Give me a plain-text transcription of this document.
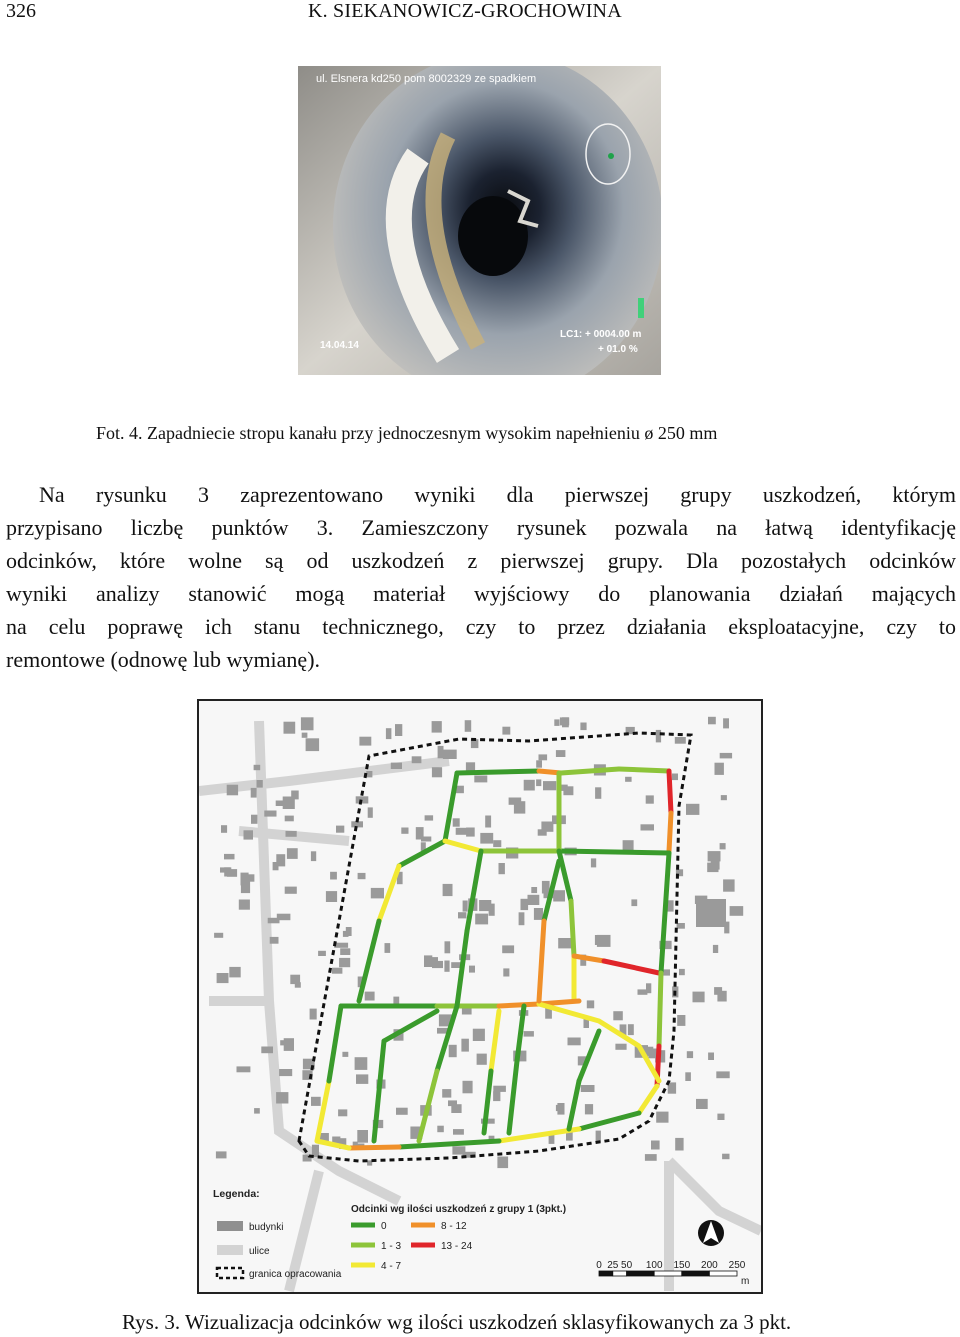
326	K. SIEKANOWICZ-GROCHOWINA
ul. Elsnera kd250 pom 8002329 ze spadkiem
14.04.14
LC1: + 0004.00 m
+ 01.0 %
Fot. 4. Zapadniecie stropu kanału przy jednoczesnym wysokim napełnieniu ø 250 mm
Na rysunku 3 zaprezentowano wyniki dla pierwszej grupy uszkodzeń, którym
przypisano liczbę punktów 3. Zamieszczony rysunek pozwala na łatwą identyfikację
odcinków, które wolne są od uszkodzeń z pierwszej grupy. Dla pozostałych odcinków
wyniki analizy stanowić mogą materiał wyjściowy do planowania działań mających
na celu poprawę ich stanu technicznego, czy to przez działania eksploatacyjne, czy to
remontowe (odnowę lub wymianę).
Legenda:
budynki
ulice
granica opracowania
Odcinki wg ilości uszkodzeń z grupy 1 (3pkt.)
0
1 - 3
4 - 7
8 - 12
13 - 24
0 25 50 100 150 200 250
m
Rys. 3. Wizualizacja odcinków wg ilości uszkodzeń sklasyfikowanych za 3 pkt.
